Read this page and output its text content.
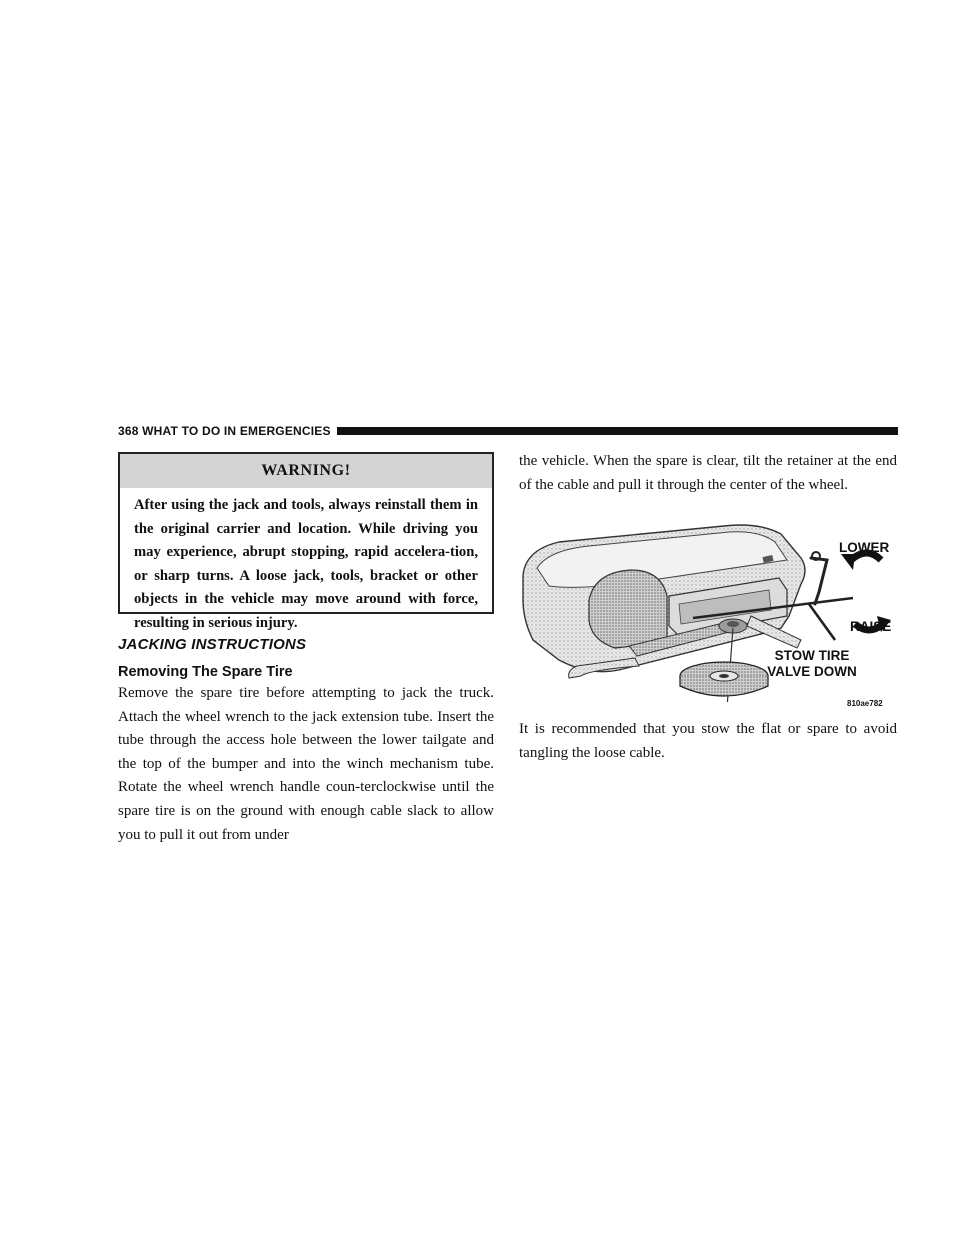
368 WHAT TO DO IN EMERGENCIES
WARNING!
After using the jack and tools, always reinstall them in the original carrier and location. While driving you may experience, abrupt stopping, rapid accelera-tion, or sharp turns. A loose jack, tools, bracket or other objects in the vehicle may move around with force, resulting in serious injury.
JACKING INSTRUCTIONS
Removing The Spare Tire

Remove the spare tire before attempting to jack the truck. Attach the wheel wrench to the jack extension tube. Insert the tube through the access hole between the lower tailgate and the top of the bumper and into the winch mechanism tube. Rotate the wheel wrench handle coun-terclockwise until the spare tire is on the ground with enough cable slack to allow you to pull it out from under

the vehicle. When the spare is clear, tilt the retainer at the end of the cable and pull it through the center of the wheel.

LOWER
RAISE
STOW TIRE
VALVE DOWN
810ae782

It is recommended that you stow the flat or spare to avoid tangling the loose cable.
